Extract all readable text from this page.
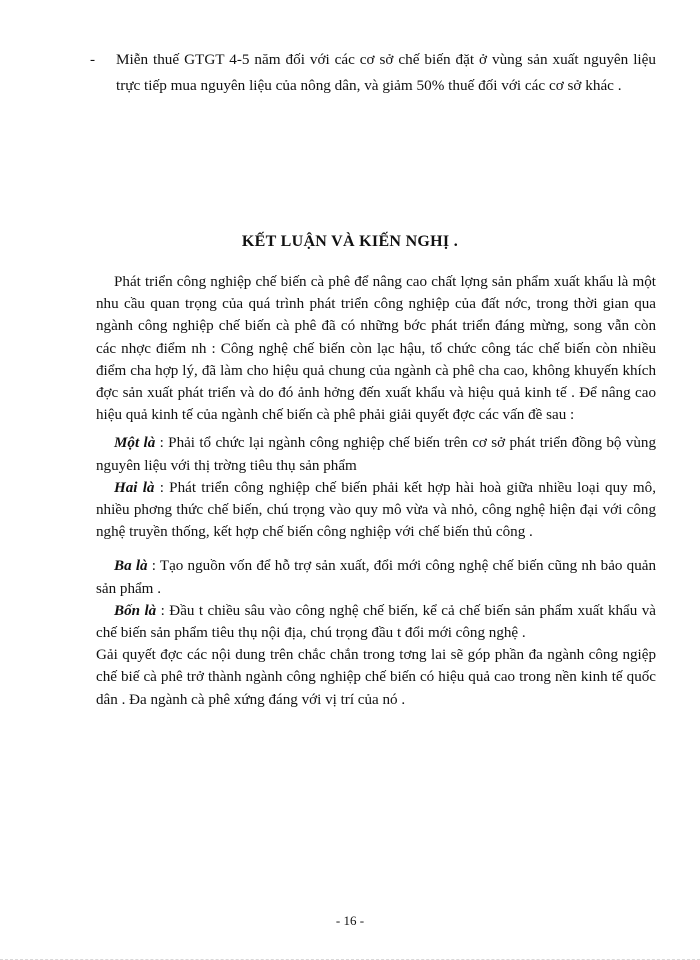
-	Miễn thuế GTGT 4-5 năm đối với các cơ sở chế biến đặt ở vùng sản xuất nguyên liệu trực tiếp mua nguyên liệu của nông dân, và giảm 50% thuế đối với các cơ sở khác .
KẾT LUẬN VÀ KIẾN NGHỊ .

Phát triển công nghiệp chế biến cà phê để nâng cao chất lợng sản phẩm xuất khẩu là một nhu cầu quan trọng của quá trình phát triển công nghiệp của đất nớc, trong thời gian qua ngành công nghiệp chế biến cà phê đã có những bớc phát triển đáng mừng, song vẫn còn các nhợc điểm nh : Công nghệ chế biến còn lạc hậu, tổ chức công tác chế biến còn nhiều điểm cha hợp lý, đã làm cho hiệu quả chung của ngành cà phê cha cao, không khuyến khích đợc sản xuất phát triển và do đó ảnh hởng đến xuất khẩu và hiệu quả kinh tế . Để nâng cao hiệu quả kinh tế của ngành chế biến cà phê phải giải quyết đợc các vấn đề sau :

Một là : Phải tổ chức lại ngành công nghiệp chế biến trên cơ sở phát triển đồng bộ vùng nguyên liệu với thị trờng tiêu thụ sản phẩm

Hai là : Phát triển công nghiệp chế biến phải kết hợp hài hoà giữa nhiều loại quy mô, nhiều phơng thức chế biến, chú trọng vào quy mô vừa và nhỏ, công nghệ hiện đại với công nghệ truyền thống, kết hợp chế biến công nghiệp với chế biến thủ công .

Ba là : Tạo nguồn vốn để hỗ trợ sản xuất, đổi mới công nghệ chế biến cũng nh bảo quản sản phẩm .

Bốn là : Đầu t chiều sâu vào công nghệ chế biến, kể cả chế biến sản phẩm xuất khẩu và chế biến sản phẩm tiêu thụ nội địa, chú trọng đầu t đổi mới công nghệ .

Gải quyết đợc các nội dung trên chắc chắn trong tơng lai sẽ góp phần đa ngành công ngiệp chế biế cà phê trở thành ngành công nghiệp chế biến có hiệu quả cao trong nền kinh tế quốc dân . Đa ngành cà phê xứng đáng với vị trí của nó .

- 16 -
